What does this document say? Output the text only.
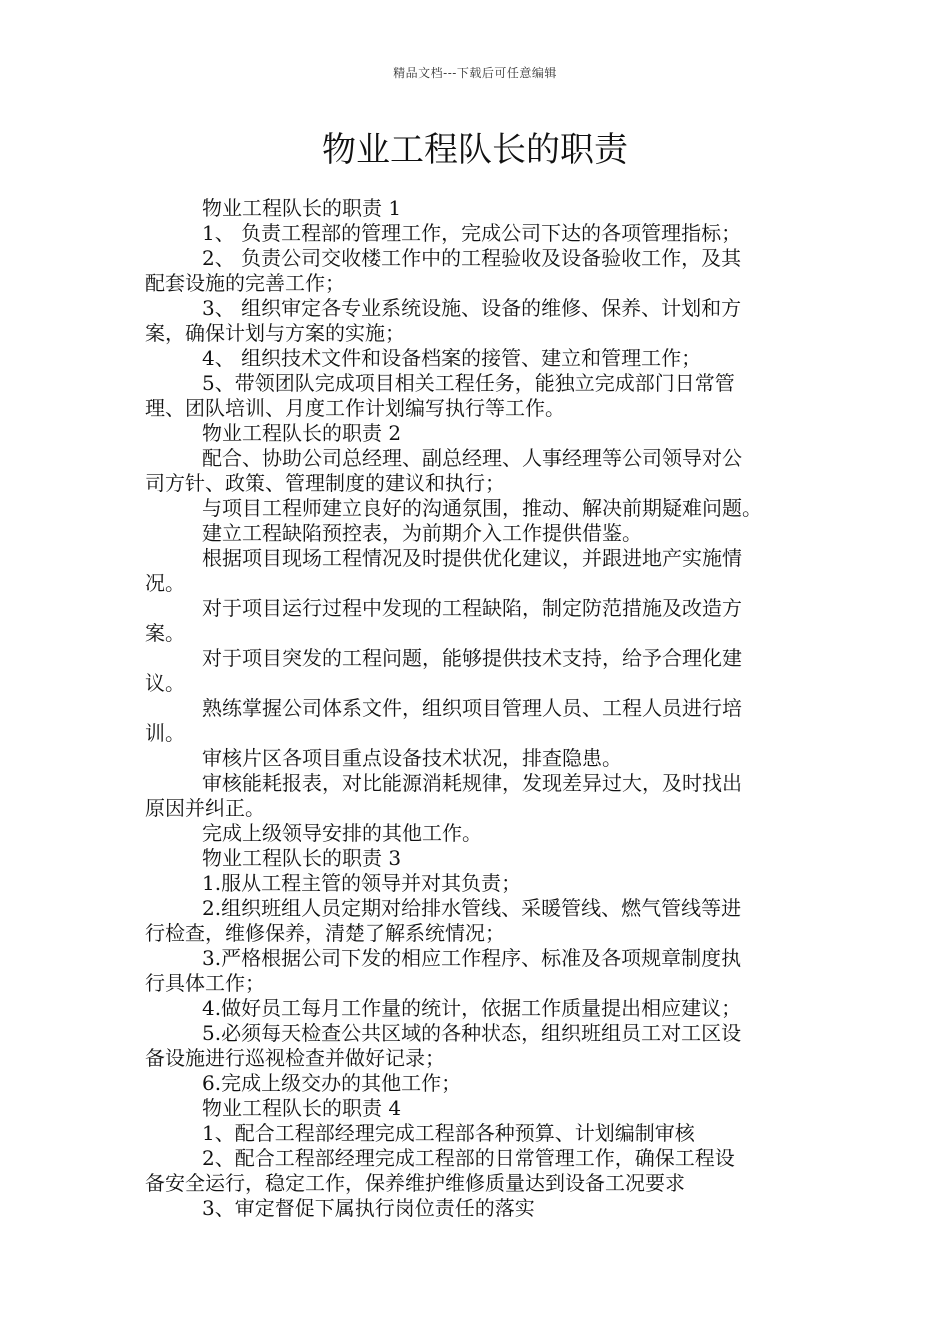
精品文档---下载后可任意编辑
物业工程队长的职责

物业工程队长的职责 1

1、 负责工程部的管理工作，完成公司下达的各项管理指标；

2、 负责公司交收楼工作中的工程验收及设备验收工作，及其

配套设施的完善工作；

3、 组织审定各专业系统设施、设备的维修、保养、计划和方

案，确保计划与方案的实施；

4、 组织技术文件和设备档案的接管、建立和管理工作；

5、带领团队完成项目相关工程任务，能独立完成部门日常管

理、团队培训、月度工作计划编写执行等工作。

物业工程队长的职责 2

配合、协助公司总经理、副总经理、人事经理等公司领导对公

司方针、政策、管理制度的建议和执行；

与项目工程师建立良好的沟通氛围，推动、解决前期疑难问题。

建立工程缺陷预控表，为前期介入工作提供借鉴。

根据项目现场工程情况及时提供优化建议，并跟进地产实施情

况。

对于项目运行过程中发现的工程缺陷，制定防范措施及改造方

案。

对于项目突发的工程问题，能够提供技术支持，给予合理化建

议。

熟练掌握公司体系文件，组织项目管理人员、工程人员进行培

训。

审核片区各项目重点设备技术状况，排查隐患。

审核能耗报表，对比能源消耗规律，发现差异过大，及时找出

原因并纠正。

完成上级领导安排的其他工作。

物业工程队长的职责 3

1.服从工程主管的领导并对其负责；

2.组织班组人员定期对给排水管线、采暖管线、燃气管线等进

行检查，维修保养，清楚了解系统情况；

3.严格根据公司下发的相应工作程序、标准及各项规章制度执

行具体工作；

4.做好员工每月工作量的统计，依据工作质量提出相应建议；

5.必须每天检查公共区域的各种状态，组织班组员工对工区设

备设施进行巡视检查并做好记录；

6.完成上级交办的其他工作；

物业工程队长的职责 4

1、配合工程部经理完成工程部各种预算、计划编制审核

2、配合工程部经理完成工程部的日常管理工作，确保工程设

备安全运行，稳定工作，保养维护维修质量达到设备工况要求

3、审定督促下属执行岗位责任的落实
